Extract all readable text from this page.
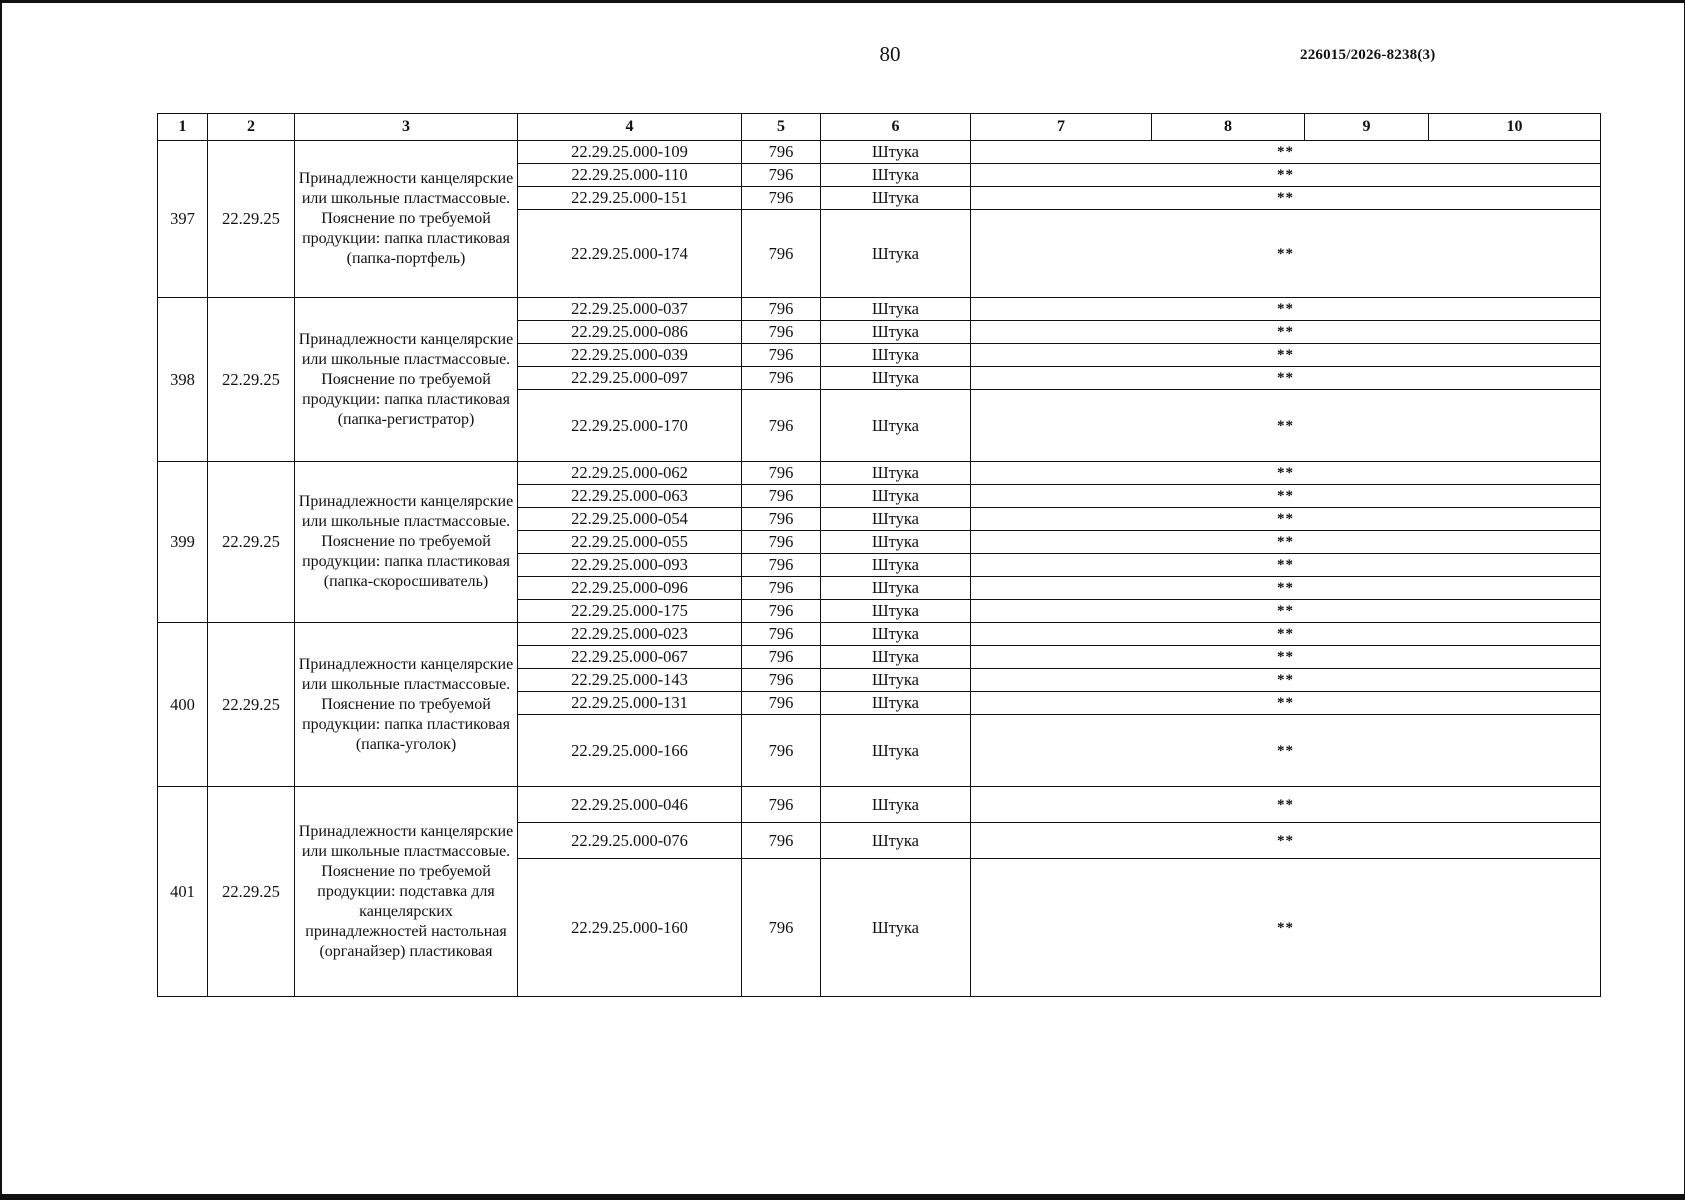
80	226015/2026-8238(3)
1	2	3	4	5	6	7	8	9	10
397	22.29.25	Принадлежности канцелярские или школьные пластмассовые. Пояснение по требуемой продукции: папка пластиковая (папка-портфель)	22.29.25.000-109	796	Штука	**			
			22.29.25.000-110	796	Штука	**			
			22.29.25.000-151	796	Штука	**			
			22.29.25.000-174	796	Штука	**			
398	22.29.25	Принадлежности канцелярские или школьные пластмассовые. Пояснение по требуемой продукции: папка пластиковая (папка-регистратор)	22.29.25.000-037	796	Штука	**			
			22.29.25.000-086	796	Штука	**			
			22.29.25.000-039	796	Штука	**			
			22.29.25.000-097	796	Штука	**			
			22.29.25.000-170	796	Штука	**			
399	22.29.25	Принадлежности канцелярские или школьные пластмассовые. Пояснение по требуемой продукции: папка пластиковая (папка-скоросшиватель)	22.29.25.000-062	796	Штука	**			
			22.29.25.000-063	796	Штука	**			
			22.29.25.000-054	796	Штука	**			
			22.29.25.000-055	796	Штука	**			
			22.29.25.000-093	796	Штука	**			
			22.29.25.000-096	796	Штука	**			
			22.29.25.000-175	796	Штука	**			
400	22.29.25	Принадлежности канцелярские или школьные пластмассовые. Пояснение по требуемой продукции: папка пластиковая (папка-уголок)	22.29.25.000-023	796	Штука	**			
			22.29.25.000-067	796	Штука	**			
			22.29.25.000-143	796	Штука	**			
			22.29.25.000-131	796	Штука	**			
			22.29.25.000-166	796	Штука	**			
401	22.29.25	Принадлежности канцелярские или школьные пластмассовые. Пояснение по требуемой продукции: подставка для канцелярских принадлежностей настольная (органайзер) пластиковая	22.29.25.000-046	796	Штука	**			
			22.29.25.000-076	796	Штука	**			
			22.29.25.000-160	796	Штука	**			
